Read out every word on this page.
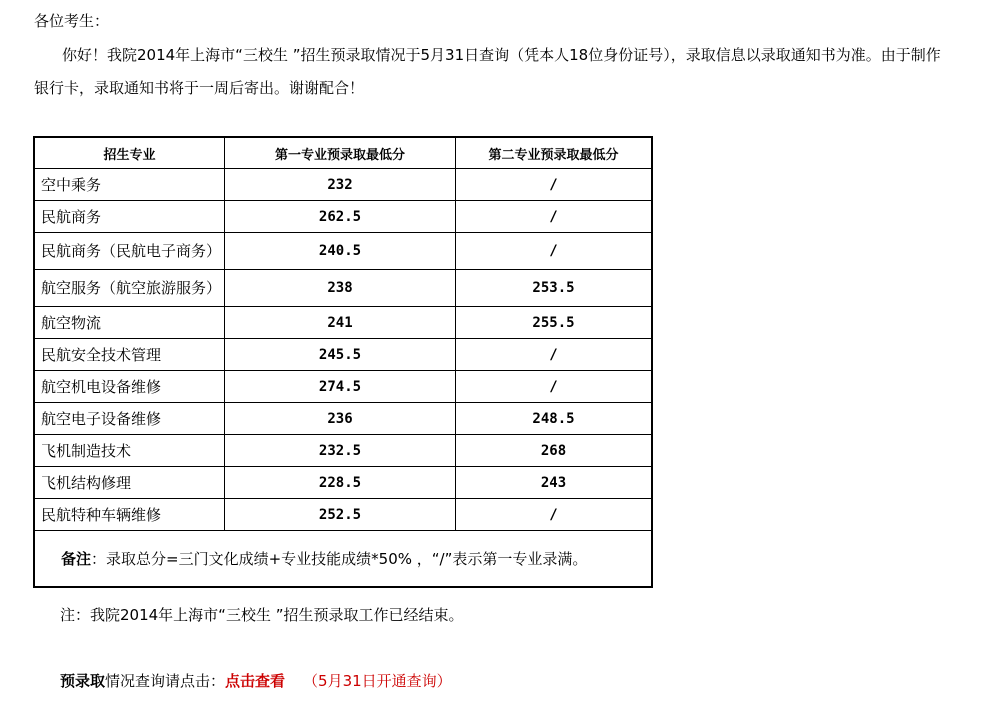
各位考生：
你好！我院2014年上海市“三校生 ”招生预录取情况于5月31日查询（凭本人18位身份证号），录取信息以录取通知书为准。由于制作
银行卡，录取通知书将于一周后寄出。谢谢配合！
招生专业	第一专业预录取最低分	第二专业预录取最低分
空中乘务	232	/
民航商务	262.5	/
民航商务（民航电子商务）	240.5	/
航空服务（航空旅游服务）	238	253.5
航空物流	241	255.5
民航安全技术管理	245.5	/
航空机电设备维修	274.5	/
航空电子设备维修	236	248.5
飞机制造技术	232.5	268
飞机结构修理	228.5	243
民航特种车辆维修	252.5	/
备注：录取总分=三门文化成绩+专业技能成绩*50% ，“/”表示第一专业录满。		
注：我院2014年上海市“三校生 ”招生预录取工作已经结束。
预录取情况查询请点击：点击查看 （5月31日开通查询）
